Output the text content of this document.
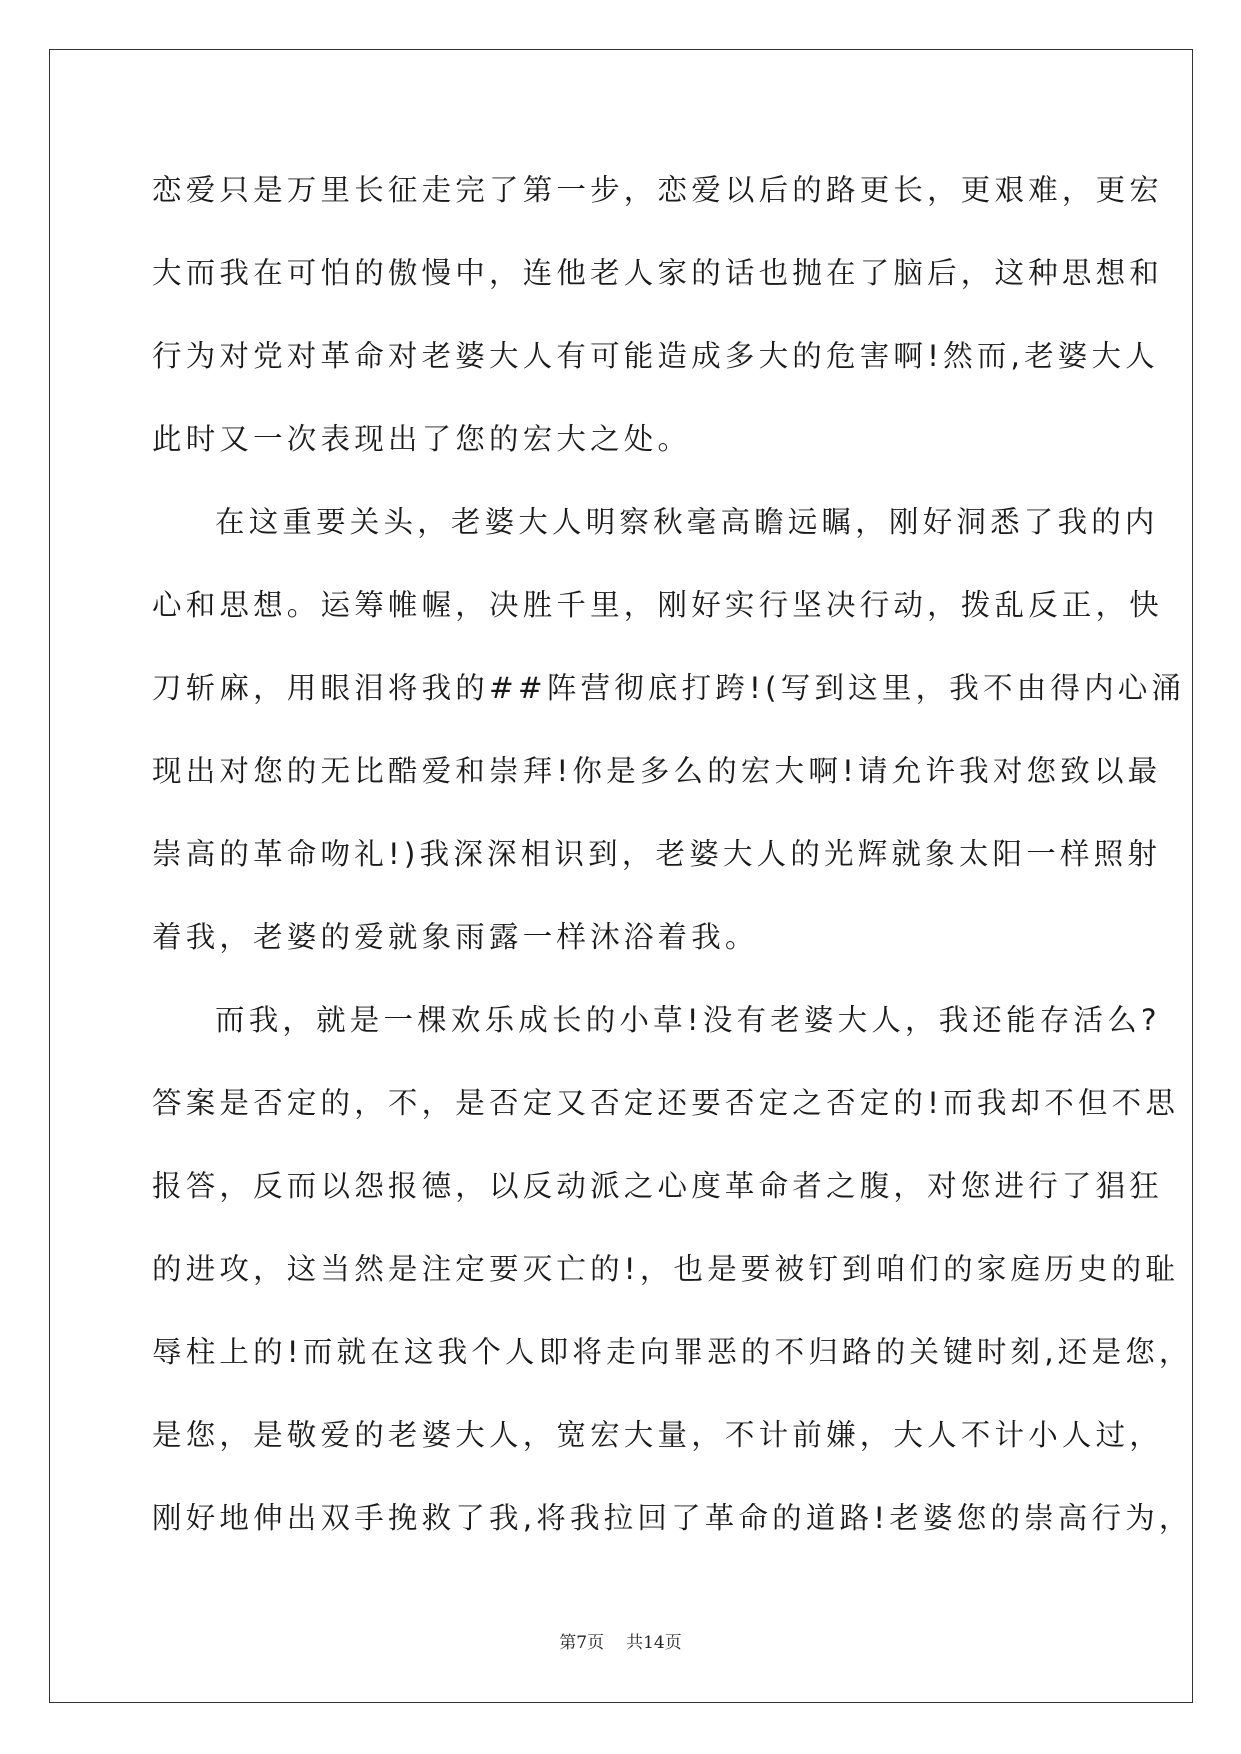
恋爱只是万里长征走完了第一步，恋爱以后的路更长，更艰难，更宏
大而我在可怕的傲慢中，连他老人家的话也抛在了脑后，这种思想和
行为对党对革命对老婆大人有可能造成多大的危害啊!然而,老婆大人
此时又一次表现出了您的宏大之处。
在这重要关头，老婆大人明察秋毫高瞻远瞩，刚好洞悉了我的内
心和思想。运筹帷幄，决胜千里，刚好实行坚决行动，拨乱反正，快
刀斩麻，用眼泪将我的##阵营彻底打跨!(写到这里，我不由得内心涌
现出对您的无比酷爱和崇拜!你是多么的宏大啊!请允许我对您致以最
崇高的革命吻礼!)我深深相识到，老婆大人的光辉就象太阳一样照射
着我，老婆的爱就象雨露一样沐浴着我。
而我，就是一棵欢乐成长的小草!没有老婆大人，我还能存活么?
答案是否定的，不，是否定又否定还要否定之否定的!而我却不但不思
报答，反而以怨报德，以反动派之心度革命者之腹，对您进行了猖狂
的进攻，这当然是注定要灭亡的!，也是要被钉到咱们的家庭历史的耻
辱柱上的!而就在这我个人即将走向罪恶的不归路的关键时刻,还是您，
是您，是敬爱的老婆大人，宽宏大量，不计前嫌，大人不计小人过，
刚好地伸出双手挽救了我,将我拉回了革命的道路!老婆您的崇高行为，
第7页 共14页
